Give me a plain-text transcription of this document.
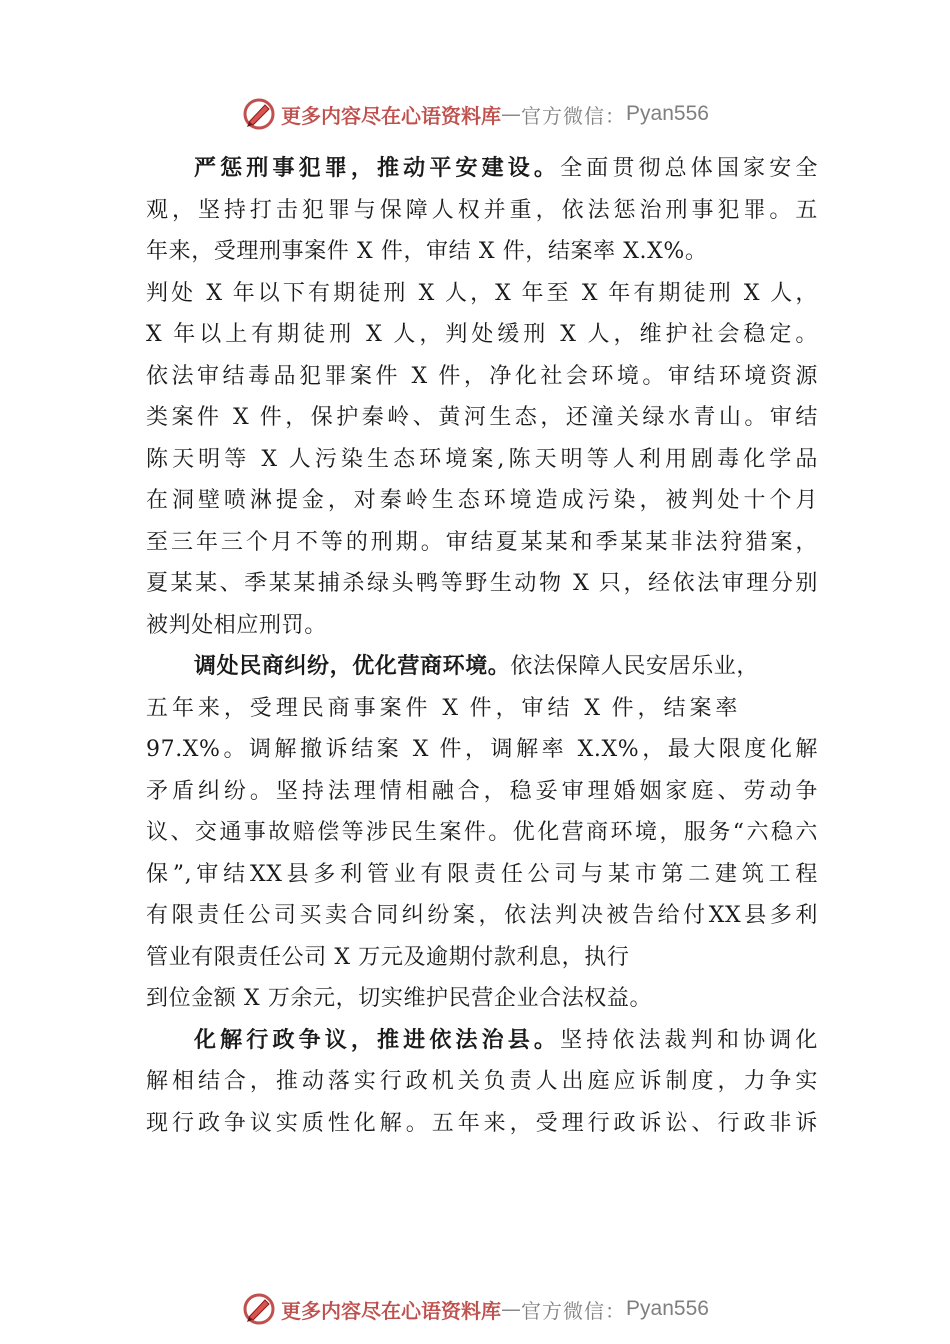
更多内容尽在心语资料库 — 官方微信： Pyan556
严惩刑事犯罪，推动平安建设。全面贯彻总体国家安全
观，坚持打击犯罪与保障人权并重，依法惩治刑事犯罪。五
年来，受理刑事案件 X 件，审结 X 件，结案率 X.X%。
判处 X 年以下有期徒刑 X 人，X 年至 X 年有期徒刑 X 人，
X 年以上有期徒刑 X 人，判处缓刑 X 人，维护社会稳定。
依法审结毒品犯罪案件 X 件，净化社会环境。审结环境资源
类案件 X 件，保护秦岭、黄河生态，还潼关绿水青山。审结
陈天明等 X 人污染生态环境案,陈天明等人利用剧毒化学品
在洞壁喷淋提金，对秦岭生态环境造成污染，被判处十个月
至三年三个月不等的刑期。审结夏某某和季某某非法狩猎案，
夏某某、季某某捕杀绿头鸭等野生动物 X 只，经依法审理分别
被判处相应刑罚。
调处民商纠纷，优化营商环境。依法保障人民安居乐业，
五年来，受理民商事案件 X 件，审结 X 件，结案率
97.X%。调解撤诉结案 X 件，调解率 X.X%，最大限度化解
矛盾纠纷。坚持法理情相融合，稳妥审理婚姻家庭、劳动争
议、交通事故赔偿等涉民生案件。优化营商环境，服务“六稳六
保”,审结XX县多利管业有限责任公司与某市第二建筑工程
有限责任公司买卖合同纠纷案，依法判决被告给付XX县多利
管业有限责任公司 X 万元及逾期付款利息，执行
到位金额 X 万余元，切实维护民营企业合法权益。
化解行政争议，推进依法治县。坚持依法裁判和协调化
解相结合，推动落实行政机关负责人出庭应诉制度，力争实
现行政争议实质性化解。五年来，受理行政诉讼、行政非诉
更多内容尽在心语资料库 — 官方微信： Pyan556
